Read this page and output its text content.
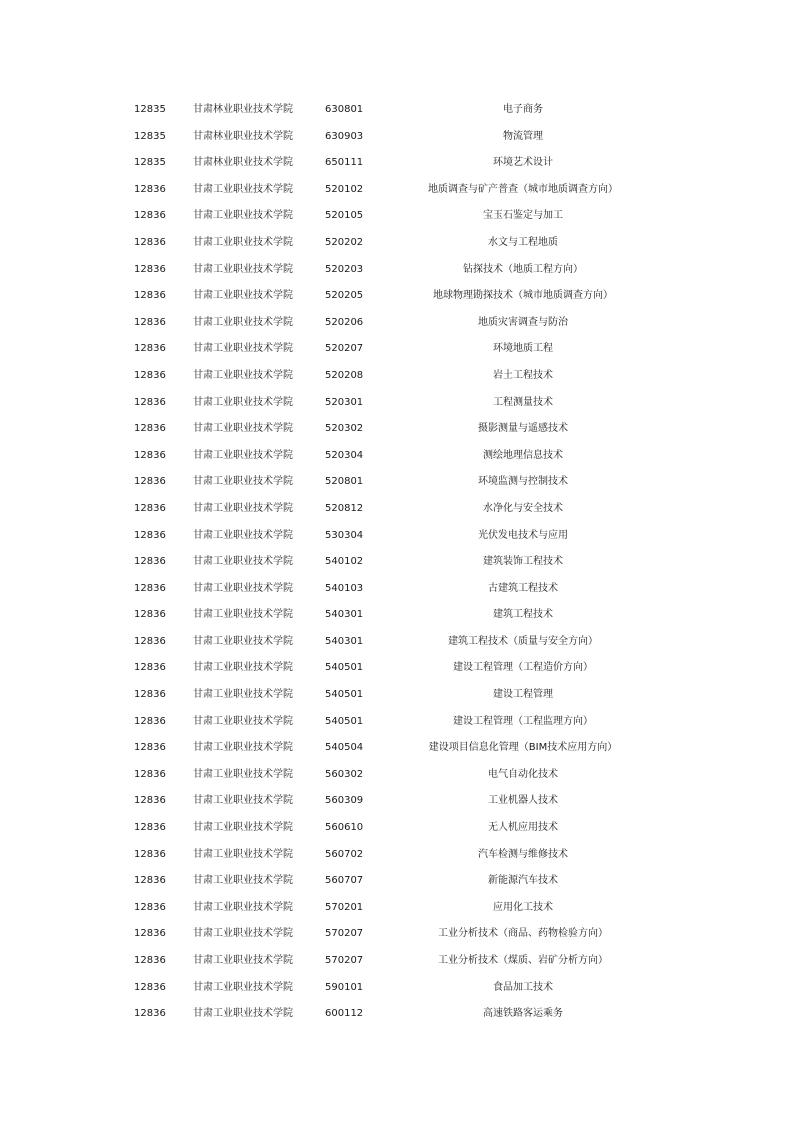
12835	甘肃林业职业技术学院	630801	电子商务
12835	甘肃林业职业技术学院	630903	物流管理
12835	甘肃林业职业技术学院	650111	环境艺术设计
12836	甘肃工业职业技术学院	520102	地质调查与矿产普查（城市地质调查方向）
12836	甘肃工业职业技术学院	520105	宝玉石鉴定与加工
12836	甘肃工业职业技术学院	520202	水文与工程地质
12836	甘肃工业职业技术学院	520203	钻探技术（地质工程方向）
12836	甘肃工业职业技术学院	520205	地球物理勘探技术（城市地质调查方向）
12836	甘肃工业职业技术学院	520206	地质灾害调查与防治
12836	甘肃工业职业技术学院	520207	环境地质工程
12836	甘肃工业职业技术学院	520208	岩土工程技术
12836	甘肃工业职业技术学院	520301	工程测量技术
12836	甘肃工业职业技术学院	520302	摄影测量与遥感技术
12836	甘肃工业职业技术学院	520304	测绘地理信息技术
12836	甘肃工业职业技术学院	520801	环境监测与控制技术
12836	甘肃工业职业技术学院	520812	水净化与安全技术
12836	甘肃工业职业技术学院	530304	光伏发电技术与应用
12836	甘肃工业职业技术学院	540102	建筑装饰工程技术
12836	甘肃工业职业技术学院	540103	古建筑工程技术
12836	甘肃工业职业技术学院	540301	建筑工程技术
12836	甘肃工业职业技术学院	540301	建筑工程技术（质量与安全方向）
12836	甘肃工业职业技术学院	540501	建设工程管理（工程造价方向）
12836	甘肃工业职业技术学院	540501	建设工程管理
12836	甘肃工业职业技术学院	540501	建设工程管理（工程监理方向）
12836	甘肃工业职业技术学院	540504	建设项目信息化管理（BIM技术应用方向）
12836	甘肃工业职业技术学院	560302	电气自动化技术
12836	甘肃工业职业技术学院	560309	工业机器人技术
12836	甘肃工业职业技术学院	560610	无人机应用技术
12836	甘肃工业职业技术学院	560702	汽车检测与维修技术
12836	甘肃工业职业技术学院	560707	新能源汽车技术
12836	甘肃工业职业技术学院	570201	应用化工技术
12836	甘肃工业职业技术学院	570207	工业分析技术（商品、药物检验方向）
12836	甘肃工业职业技术学院	570207	工业分析技术（煤质、岩矿分析方向）
12836	甘肃工业职业技术学院	590101	食品加工技术
12836	甘肃工业职业技术学院	600112	高速铁路客运乘务
